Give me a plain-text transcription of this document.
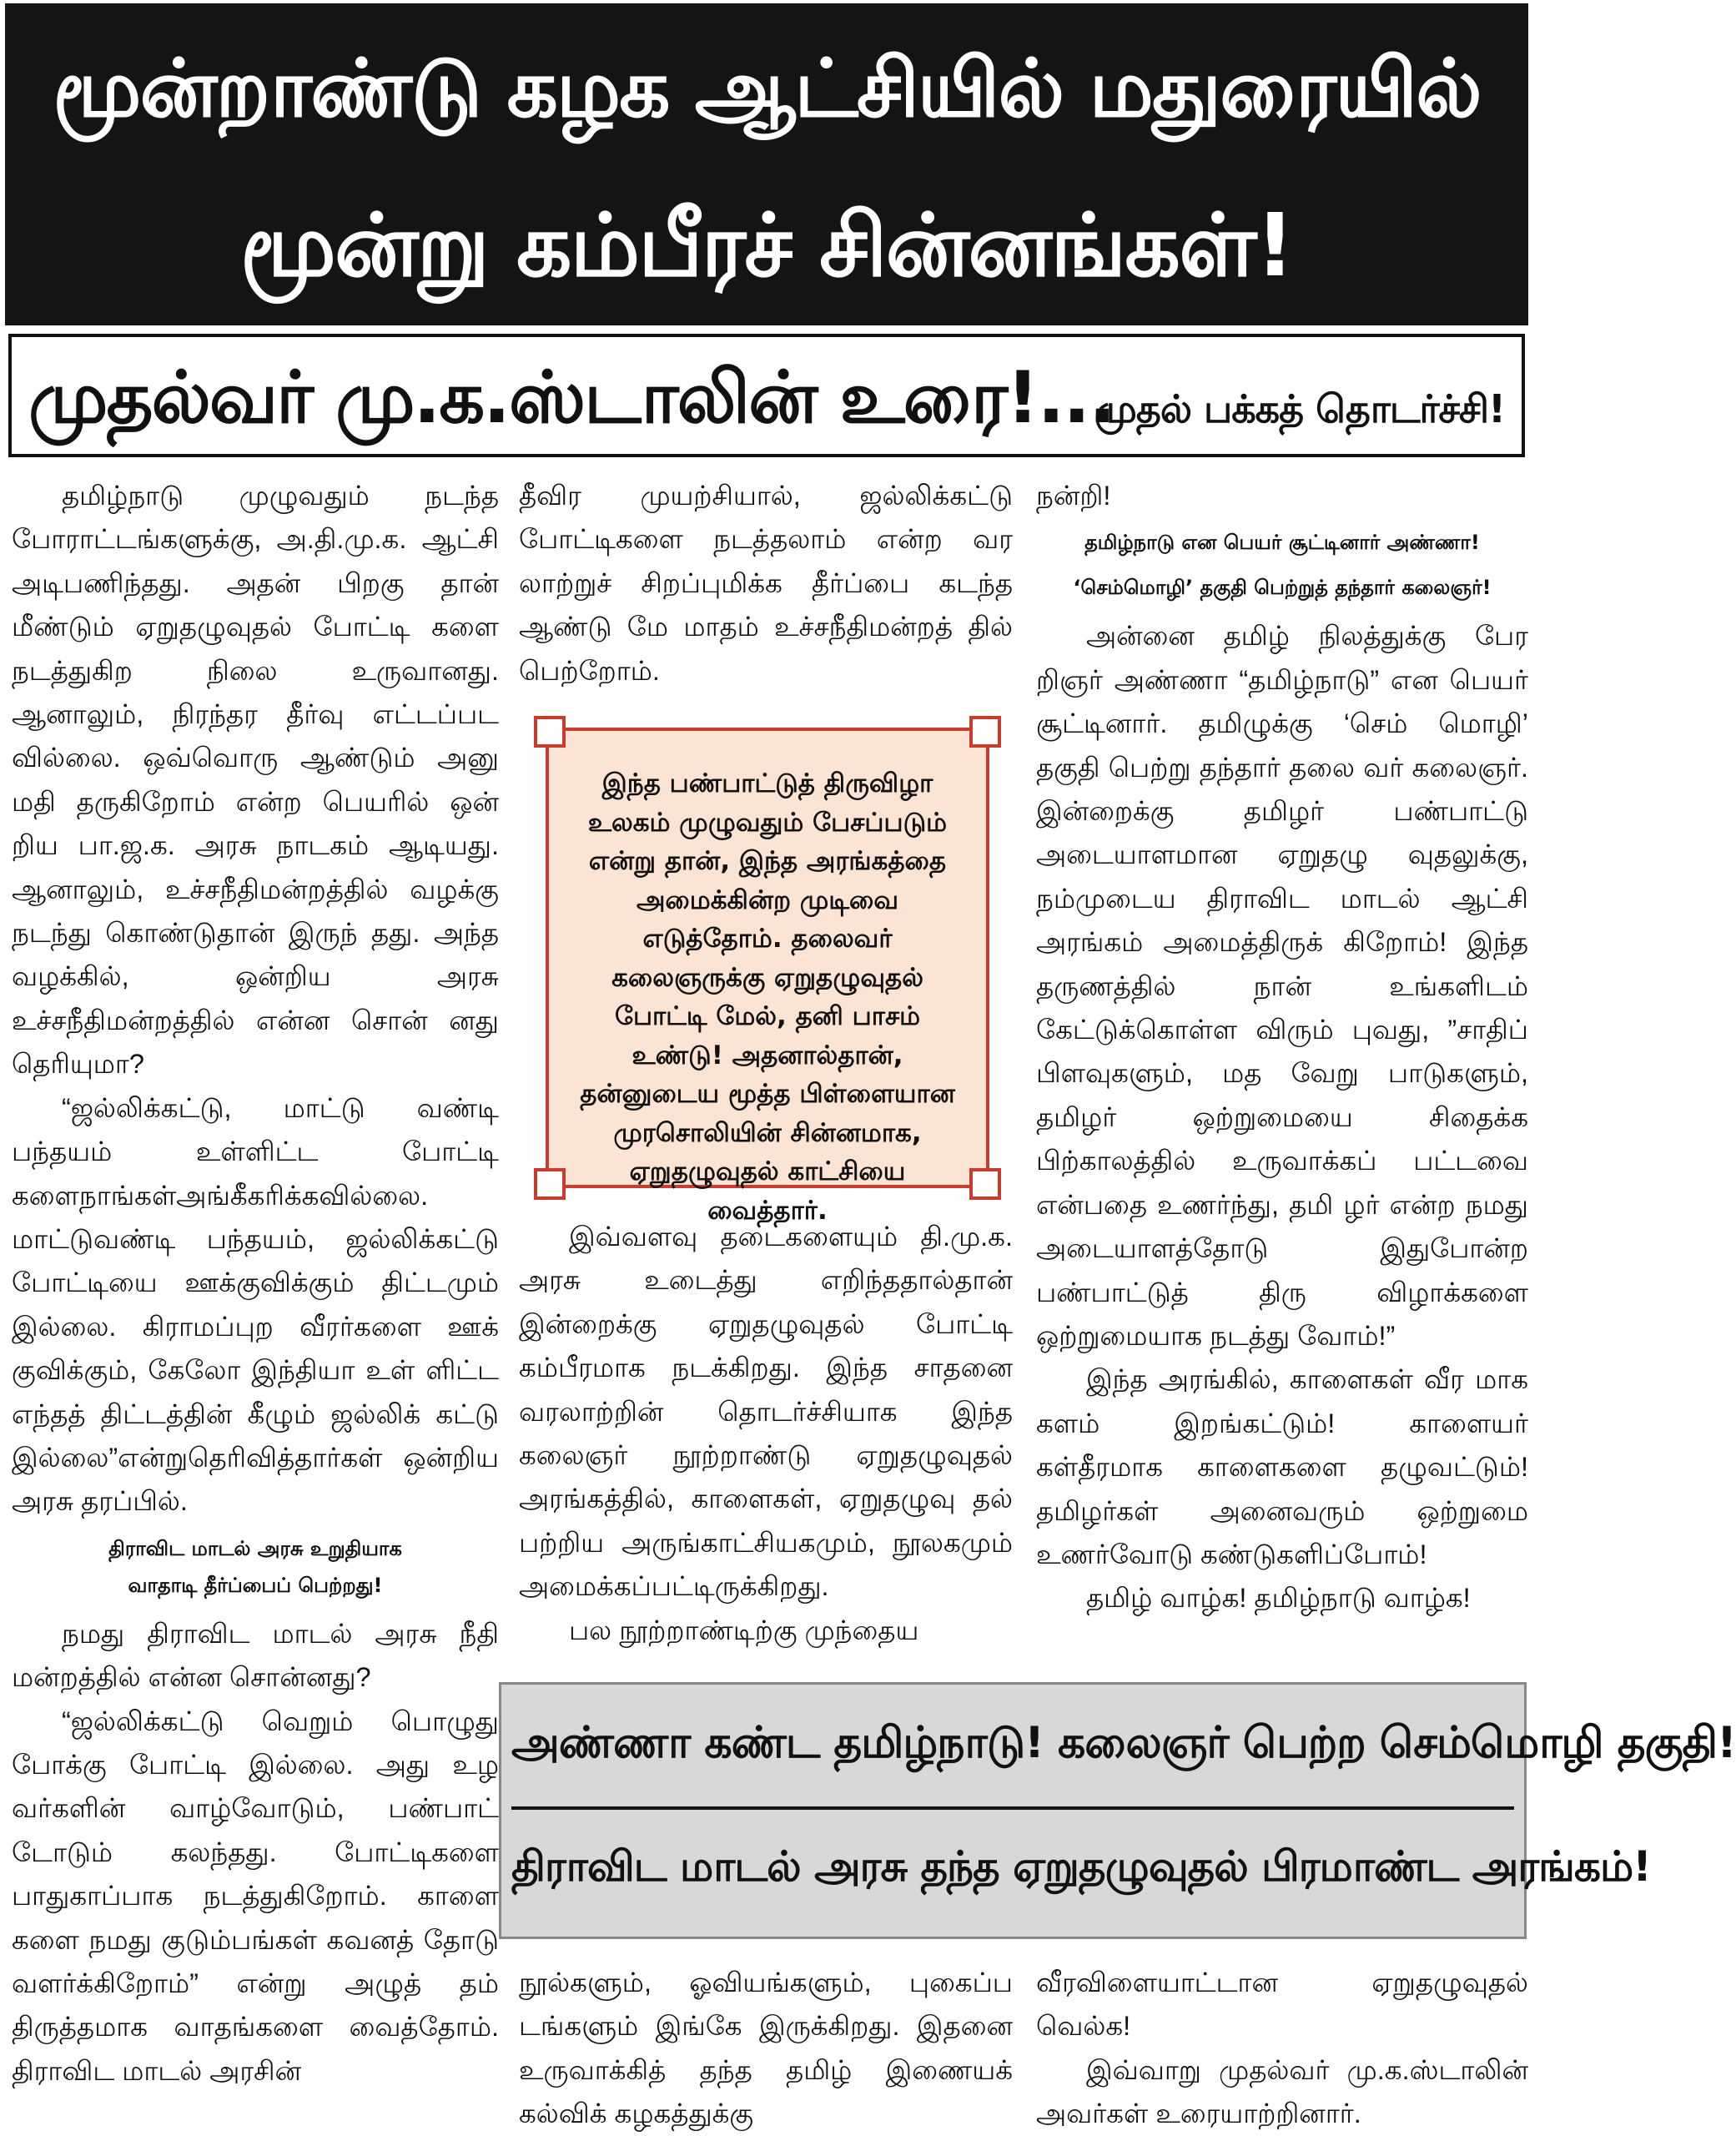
மூன்றாண்டு கழக ஆட்சியில் மதுரையில்
மூன்று கம்பீரச் சின்னங்கள்!
முதல்வர் மு.க.ஸ்டாலின் உரை!...
முதல் பக்கத் தொடர்ச்சி!

தமிழ்நாடு முழுவதும் நடந்த போராட்டங்களுக்கு, அ.தி.மு.க. ஆட்சி அடிபணிந்தது. அதன் பிறகு தான் மீண்டும் ஏறுதழுவுதல் போட்டி களை நடத்துகிற நிலை உருவானது. ஆனாலும், நிரந்தர தீர்வு எட்டப்பட வில்லை. ஒவ்வொரு ஆண்டும் அனு மதி தருகிறோம் என்ற பெயரில் ஒன் றிய பா.ஜ.க. அரசு நாடகம் ஆடியது. ஆனாலும், உச்சநீதிமன்றத்தில் வழக்கு நடந்து கொண்டுதான் இருந் தது. அந்த வழக்கில், ஒன்றிய அரசு உச்சநீதிமன்றத்தில் என்ன சொன் னது தெரியுமா?

“ஜல்லிக்கட்டு, மாட்டு வண்டி பந்தயம் உள்ளிட்ட போட்டி களைநாங்கள்அங்கீகரிக்கவில்லை. மாட்டுவண்டி பந்தயம், ஜல்லிக்கட்டு போட்டியை ஊக்குவிக்கும் திட்டமும் இல்லை. கிராமப்புற வீரர்களை ஊக் குவிக்கும், கேலோ இந்தியா உள் ளிட்ட எந்தத் திட்டத்தின் கீழும் ஜல்லிக் கட்டு இல்லை”என்றுதெரிவித்தார்கள் ஒன்றிய அரசு தரப்பில்.

திராவிட மாடல் அரசு உறுதியாக
வாதாடி தீர்ப்பைப் பெற்றது!

நமது திராவிட மாடல் அரசு நீதி மன்றத்தில் என்ன சொன்னது?

“ஜல்லிக்கட்டு வெறும் பொழுது போக்கு போட்டி இல்லை. அது உழ வர்களின் வாழ்வோடும், பண்பாட் டோடும் கலந்தது. போட்டிகளை பாதுகாப்பாக நடத்துகிறோம். காளை களை நமது குடும்பங்கள் கவனத் தோடு வளர்க்கிறோம்” என்று அழுத் தம் திருத்தமாக வாதங்களை வைத்தோம். திராவிட மாடல் அரசின்

தீவிர முயற்சியால், ஜல்லிக்கட்டு போட்டிகளை நடத்தலாம் என்ற வர லாற்றுச் சிறப்புமிக்க தீர்ப்பை கடந்த ஆண்டு மே மாதம் உச்சநீதிமன்றத் தில் பெற்றோம்.

இந்த பண்பாட்டுத் திருவிழா உலகம் முழுவதும் பேசப்படும் என்று தான், இந்த அரங்கத்தை அமைக்கின்ற முடிவை எடுத்தோம். தலைவர் கலைஞருக்கு ஏறுதழுவுதல் போட்டி மேல், தனி பாசம் உண்டு! அதனால்தான், தன்னுடைய மூத்த பிள்ளையான முரசொலியின் சின்னமாக, ஏறுதழுவுதல் காட்சியை வைத்தார்.

இவ்வளவு தடைகளையும் தி.மு.க. அரசு உடைத்து எறிந்ததால்தான் இன்றைக்கு ஏறுதழுவுதல் போட்டி கம்பீரமாக நடக்கிறது. இந்த சாதனை வரலாற்றின் தொடர்ச்சியாக இந்த கலைஞர் நூற்றாண்டு ஏறுதழுவுதல் அரங்கத்தில், காளைகள், ஏறுதழுவு தல் பற்றிய அருங்காட்சியகமும், நூலகமும் அமைக்கப்பட்டிருக்கிறது.

பல நூற்றாண்டிற்கு முந்தைய

நன்றி!

தமிழ்நாடு என பெயர் சூட்டினார் அண்ணா!
‘செம்மொழி’ தகுதி பெற்றுத் தந்தார் கலைஞர்!

அன்னை தமிழ் நிலத்துக்கு பேர றிஞர் அண்ணா “தமிழ்நாடு” என பெயர் சூட்டினார். தமிழுக்கு ‘செம் மொழி’ தகுதி பெற்று தந்தார் தலை வர் கலைஞர். இன்றைக்கு தமிழர் பண்பாட்டு அடையாளமான ஏறுதழு வுதலுக்கு, நம்முடைய திராவிட மாடல் ஆட்சி அரங்கம் அமைத்திருக் கிறோம்! இந்த தருணத்தில் நான் உங்களிடம் கேட்டுக்கொள்ள விரும் புவது, ”சாதிப் பிளவுகளும், மத வேறு பாடுகளும், தமிழர் ஒற்றுமையை சிதைக்க பிற்காலத்தில் உருவாக்கப் பட்டவை என்பதை உணர்ந்து, தமி ழர் என்ற நமது அடையாளத்தோடு இதுபோன்ற பண்பாட்டுத் திரு விழாக்களை ஒற்றுமையாக நடத்து வோம்!”

இந்த அரங்கில், காளைகள் வீர மாக களம் இறங்கட்டும்! காளையர் கள்தீரமாக காளைகளை தழுவட்டும்! தமிழர்கள் அனைவரும் ஒற்றுமை உணர்வோடு கண்டுகளிப்போம்!

தமிழ் வாழ்க! தமிழ்நாடு வாழ்க!

அண்ணா கண்ட தமிழ்நாடு! கலைஞர் பெற்ற செம்மொழி தகுதி!
திராவிட மாடல் அரசு தந்த ஏறுதழுவுதல் பிரமாண்ட அரங்கம்!

நூல்களும், ஓவியங்களும், புகைப்ப டங்களும் இங்கே இருக்கிறது. இதனை உருவாக்கித் தந்த தமிழ் இணையக் கல்விக் கழகத்துக்கு

வீரவிளையாட்டான ஏறுதழுவுதல் வெல்க!

இவ்வாறு முதல்வர் மு.க.ஸ்டாலின் அவர்கள் உரையாற்றினார்.
